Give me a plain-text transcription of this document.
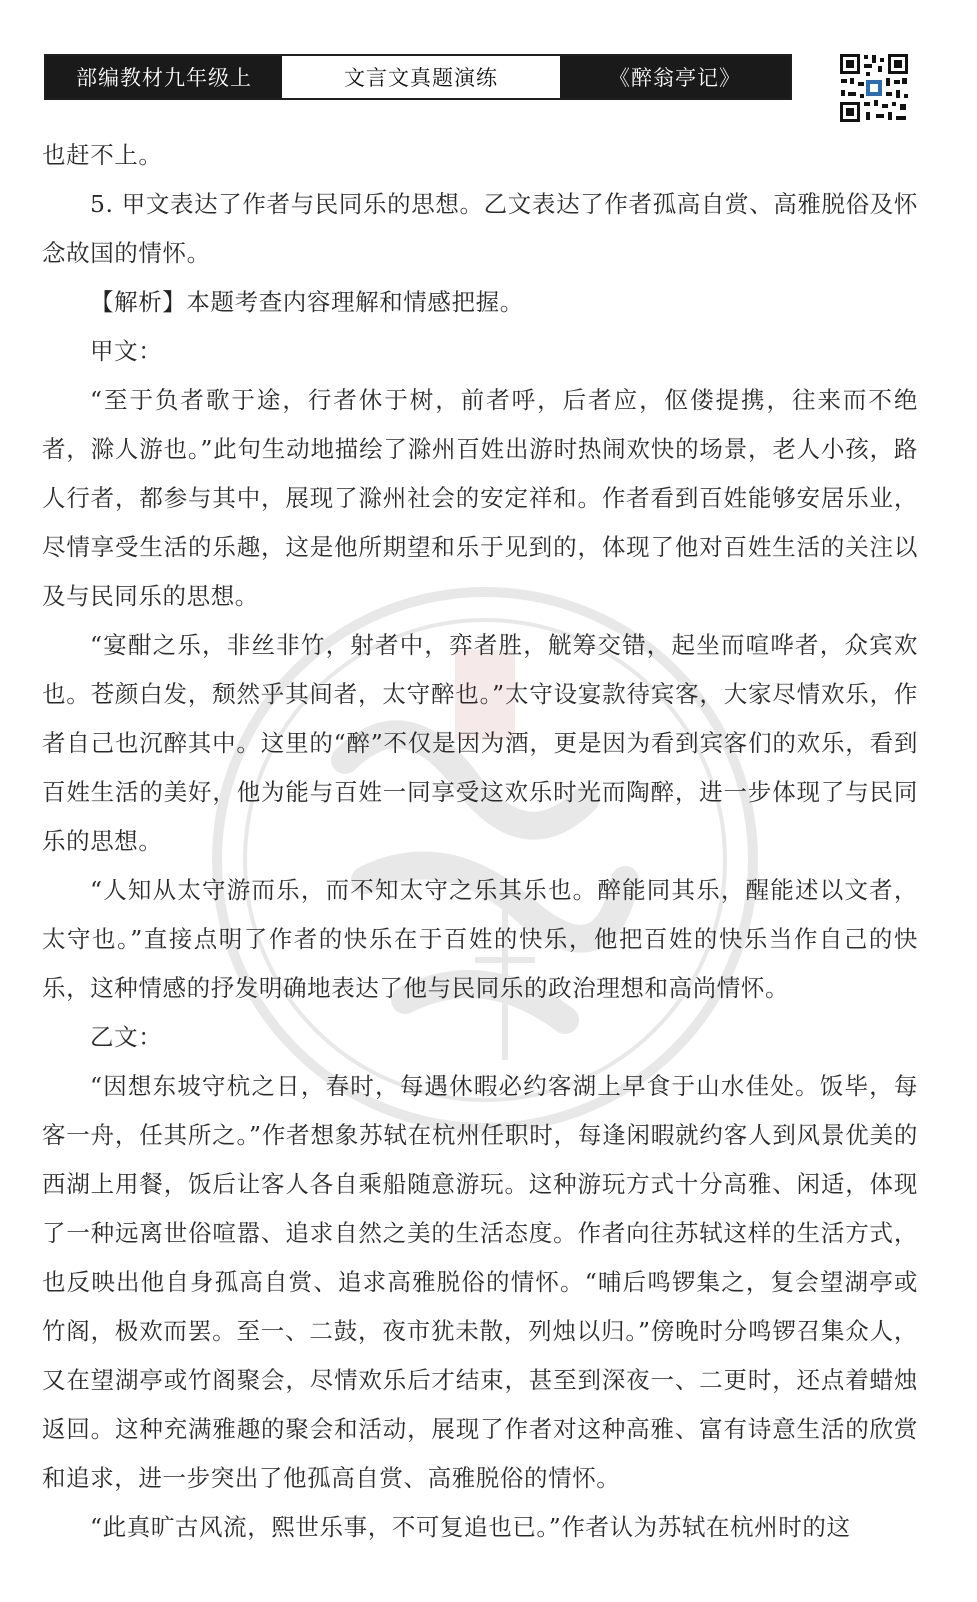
部编教材九年级上	文言文真题演练	《醉翁亭记》

也赶不上。

5. 甲文表达了作者与民同乐的思想。乙文表达了作者孤高自赏、高雅脱俗及怀念故国的情怀。

【解析】本题考查内容理解和情感把握。

甲文：

“至于负者歌于途，行者休于树，前者呼，后者应，伛偻提携，往来而不绝者，滁人游也。”此句生动地描绘了滁州百姓出游时热闹欢快的场景，老人小孩，路人行者，都参与其中，展现了滁州社会的安定祥和。作者看到百姓能够安居乐业，尽情享受生活的乐趣，这是他所期望和乐于见到的，体现了他对百姓生活的关注以及与民同乐的思想。

“宴酣之乐，非丝非竹，射者中，弈者胜，觥筹交错，起坐而喧哗者，众宾欢也。苍颜白发，颓然乎其间者，太守醉也。”太守设宴款待宾客，大家尽情欢乐，作者自己也沉醉其中。这里的“醉”不仅是因为酒，更是因为看到宾客们的欢乐，看到百姓生活的美好，他为能与百姓一同享受这欢乐时光而陶醉，进一步体现了与民同乐的思想。

“人知从太守游而乐，而不知太守之乐其乐也。醉能同其乐，醒能述以文者，太守也。”直接点明了作者的快乐在于百姓的快乐，他把百姓的快乐当作自己的快乐，这种情感的抒发明确地表达了他与民同乐的政治理想和高尚情怀。

乙文：

“因想东坡守杭之日，春时，每遇休暇必约客湖上早食于山水佳处。饭毕，每客一舟，任其所之。”作者想象苏轼在杭州任职时，每逢闲暇就约客人到风景优美的西湖上用餐，饭后让客人各自乘船随意游玩。这种游玩方式十分高雅、闲适，体现了一种远离世俗喧嚣、追求自然之美的生活态度。作者向往苏轼这样的生活方式，也反映出他自身孤高自赏、追求高雅脱俗的情怀。“晡后鸣锣集之，复会望湖亭或竹阁，极欢而罢。至一、二鼓，夜市犹未散，列烛以归。”傍晚时分鸣锣召集众人，又在望湖亭或竹阁聚会，尽情欢乐后才结束，甚至到深夜一、二更时，还点着蜡烛返回。这种充满雅趣的聚会和活动，展现了作者对这种高雅、富有诗意生活的欣赏和追求，进一步突出了他孤高自赏、高雅脱俗的情怀。

“此真旷古风流，熙世乐事，不可复追也已。”作者认为苏轼在杭州时的这
